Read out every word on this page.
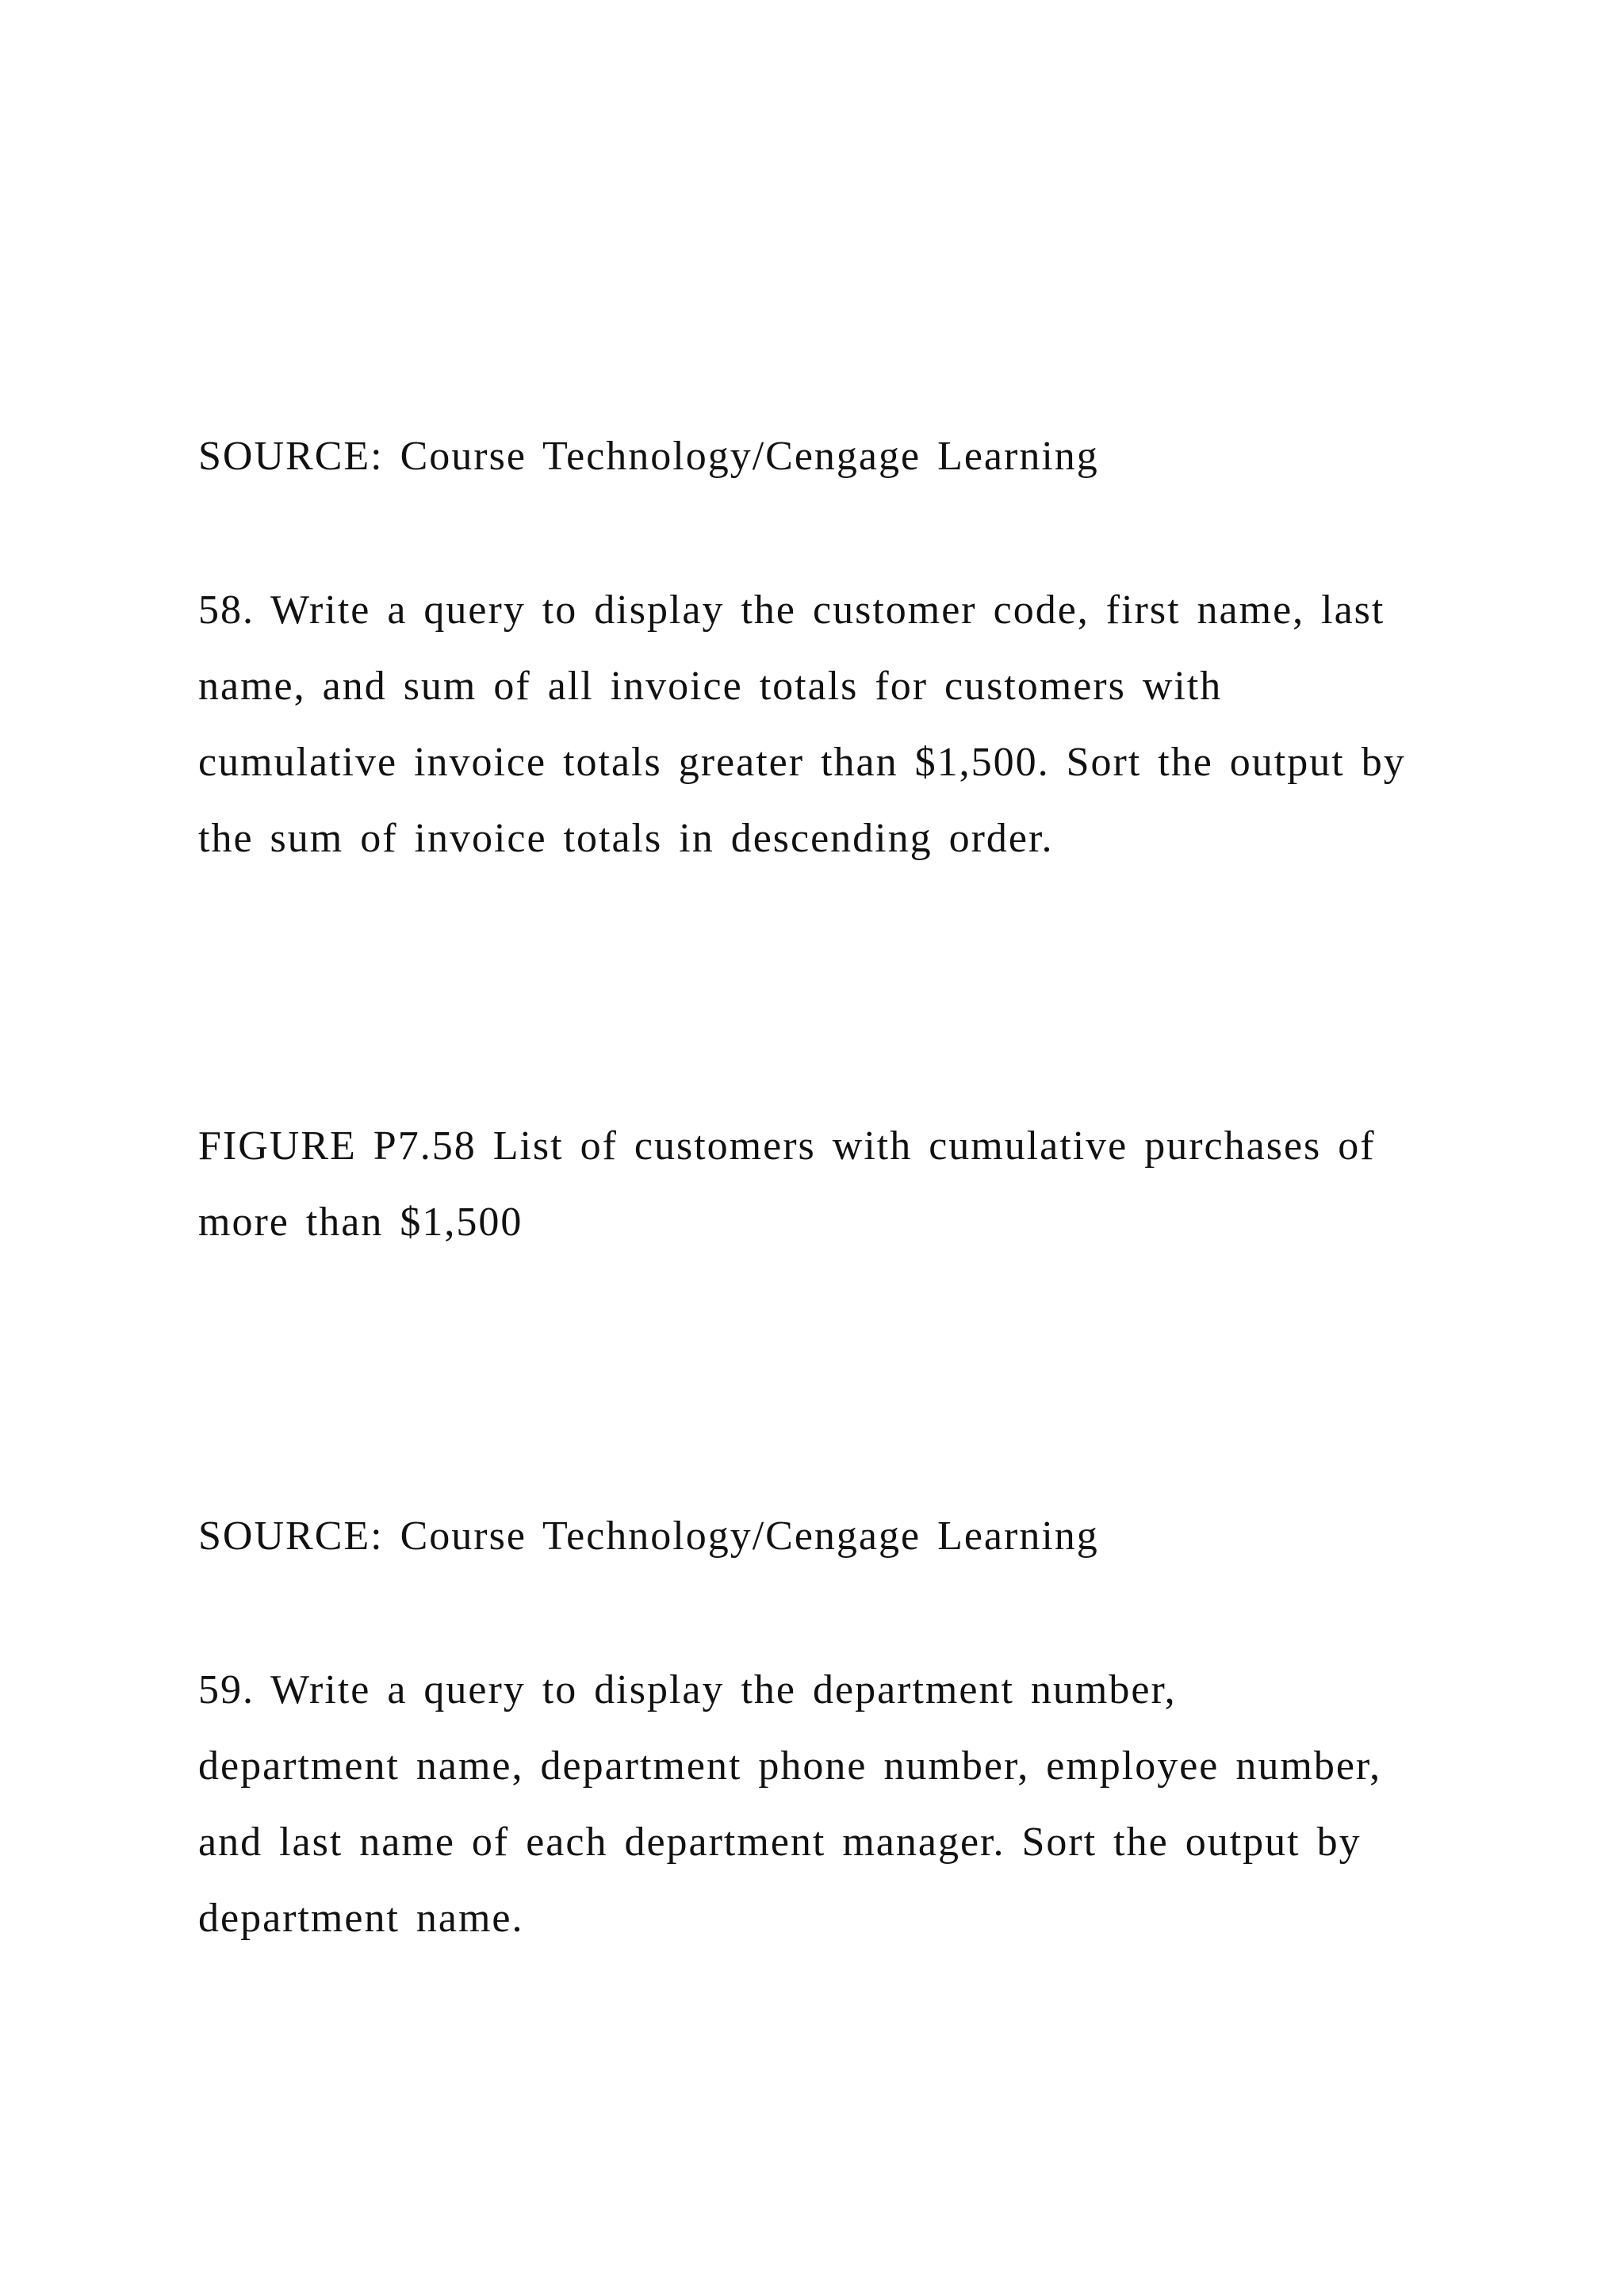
SOURCE: Course Technology/Cengage Learning

58. Write a query to display the customer code, first name, last
name, and sum of all invoice totals for customers with
cumulative invoice totals greater than $1,500. Sort the output by
the sum of invoice totals in descending order.

FIGURE P7.58 List of customers with cumulative purchases of
more than $1,500

SOURCE: Course Technology/Cengage Learning

59. Write a query to display the department number,
department name, department phone number, employee number,
and last name of each department manager. Sort the output by
department name.
